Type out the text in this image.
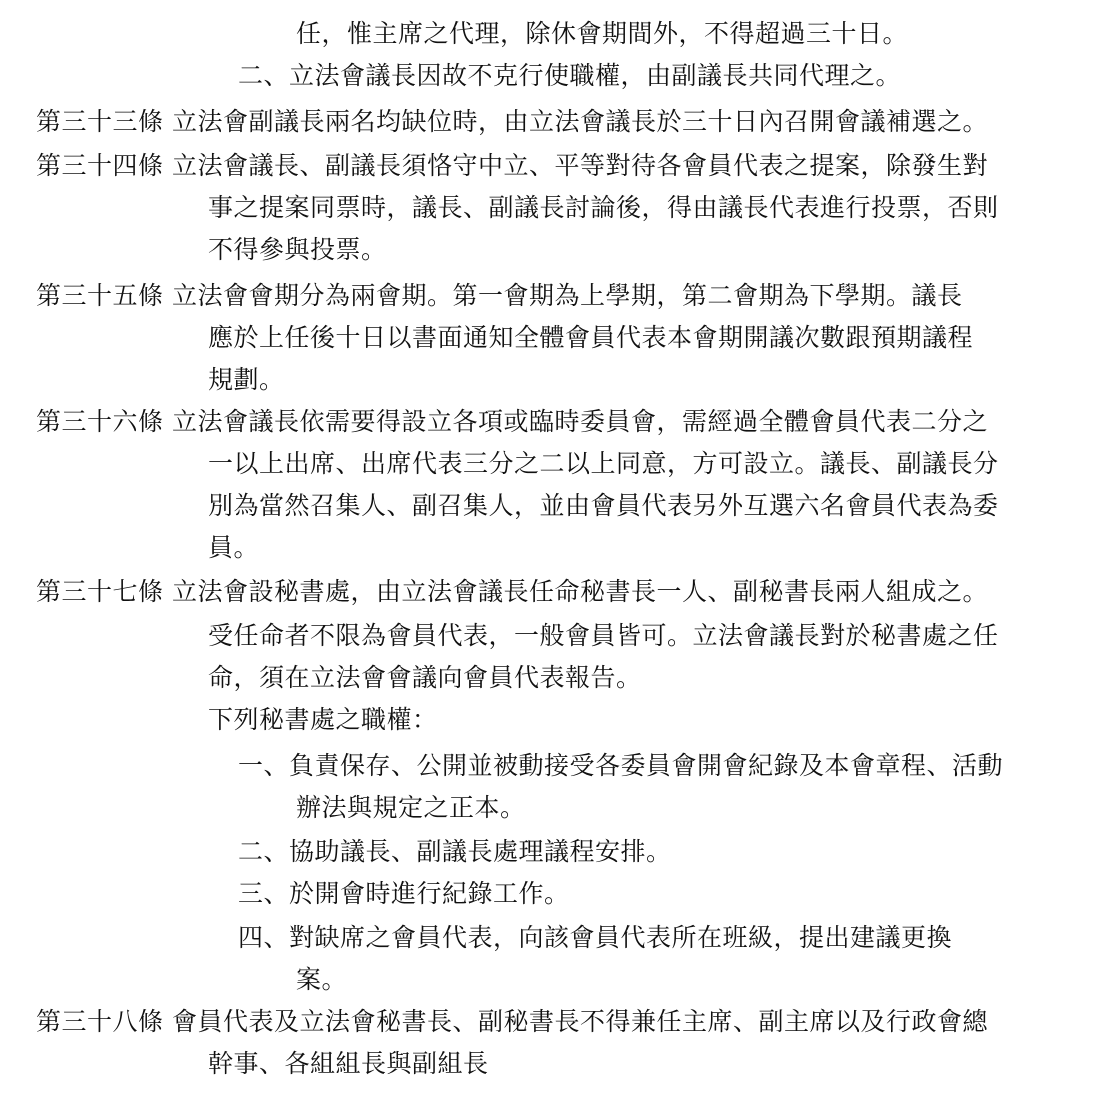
任，惟主席之代理，除休會期間外，不得超過三十日。
二、立法會議長因故不克行使職權，由副議長共同代理之。
第三十三條 立法會副議長兩名均缺位時，由立法會議長於三十日內召開會議補選之。
第三十四條 立法會議長、副議長須恪守中立、平等對待各會員代表之提案，除發生對
事之提案同票時，議長、副議長討論後，得由議長代表進行投票，否則
不得參與投票。
第三十五條 立法會會期分為兩會期。第一會期為上學期，第二會期為下學期。議長
應於上任後十日以書面通知全體會員代表本會期開議次數跟預期議程
規劃。
第三十六條 立法會議長依需要得設立各項或臨時委員會，需經過全體會員代表二分之
一以上出席、出席代表三分之二以上同意，方可設立。議長、副議長分
別為當然召集人、副召集人，並由會員代表另外互選六名會員代表為委
員。
第三十七條 立法會設秘書處，由立法會議長任命秘書長一人、副秘書長兩人組成之。
受任命者不限為會員代表，一般會員皆可。立法會議長對於秘書處之任
命，須在立法會會議向會員代表報告。
下列秘書處之職權：
一、負責保存、公開並被動接受各委員會開會紀錄及本會章程、活動
辦法與規定之正本。
二、協助議長、副議長處理議程安排。
三、於開會時進行紀錄工作。
四、對缺席之會員代表，向該會員代表所在班級，提出建議更換
案。
第三十八條 會員代表及立法會秘書長、副秘書長不得兼任主席、副主席以及行政會總
幹事、各組組長與副組長
